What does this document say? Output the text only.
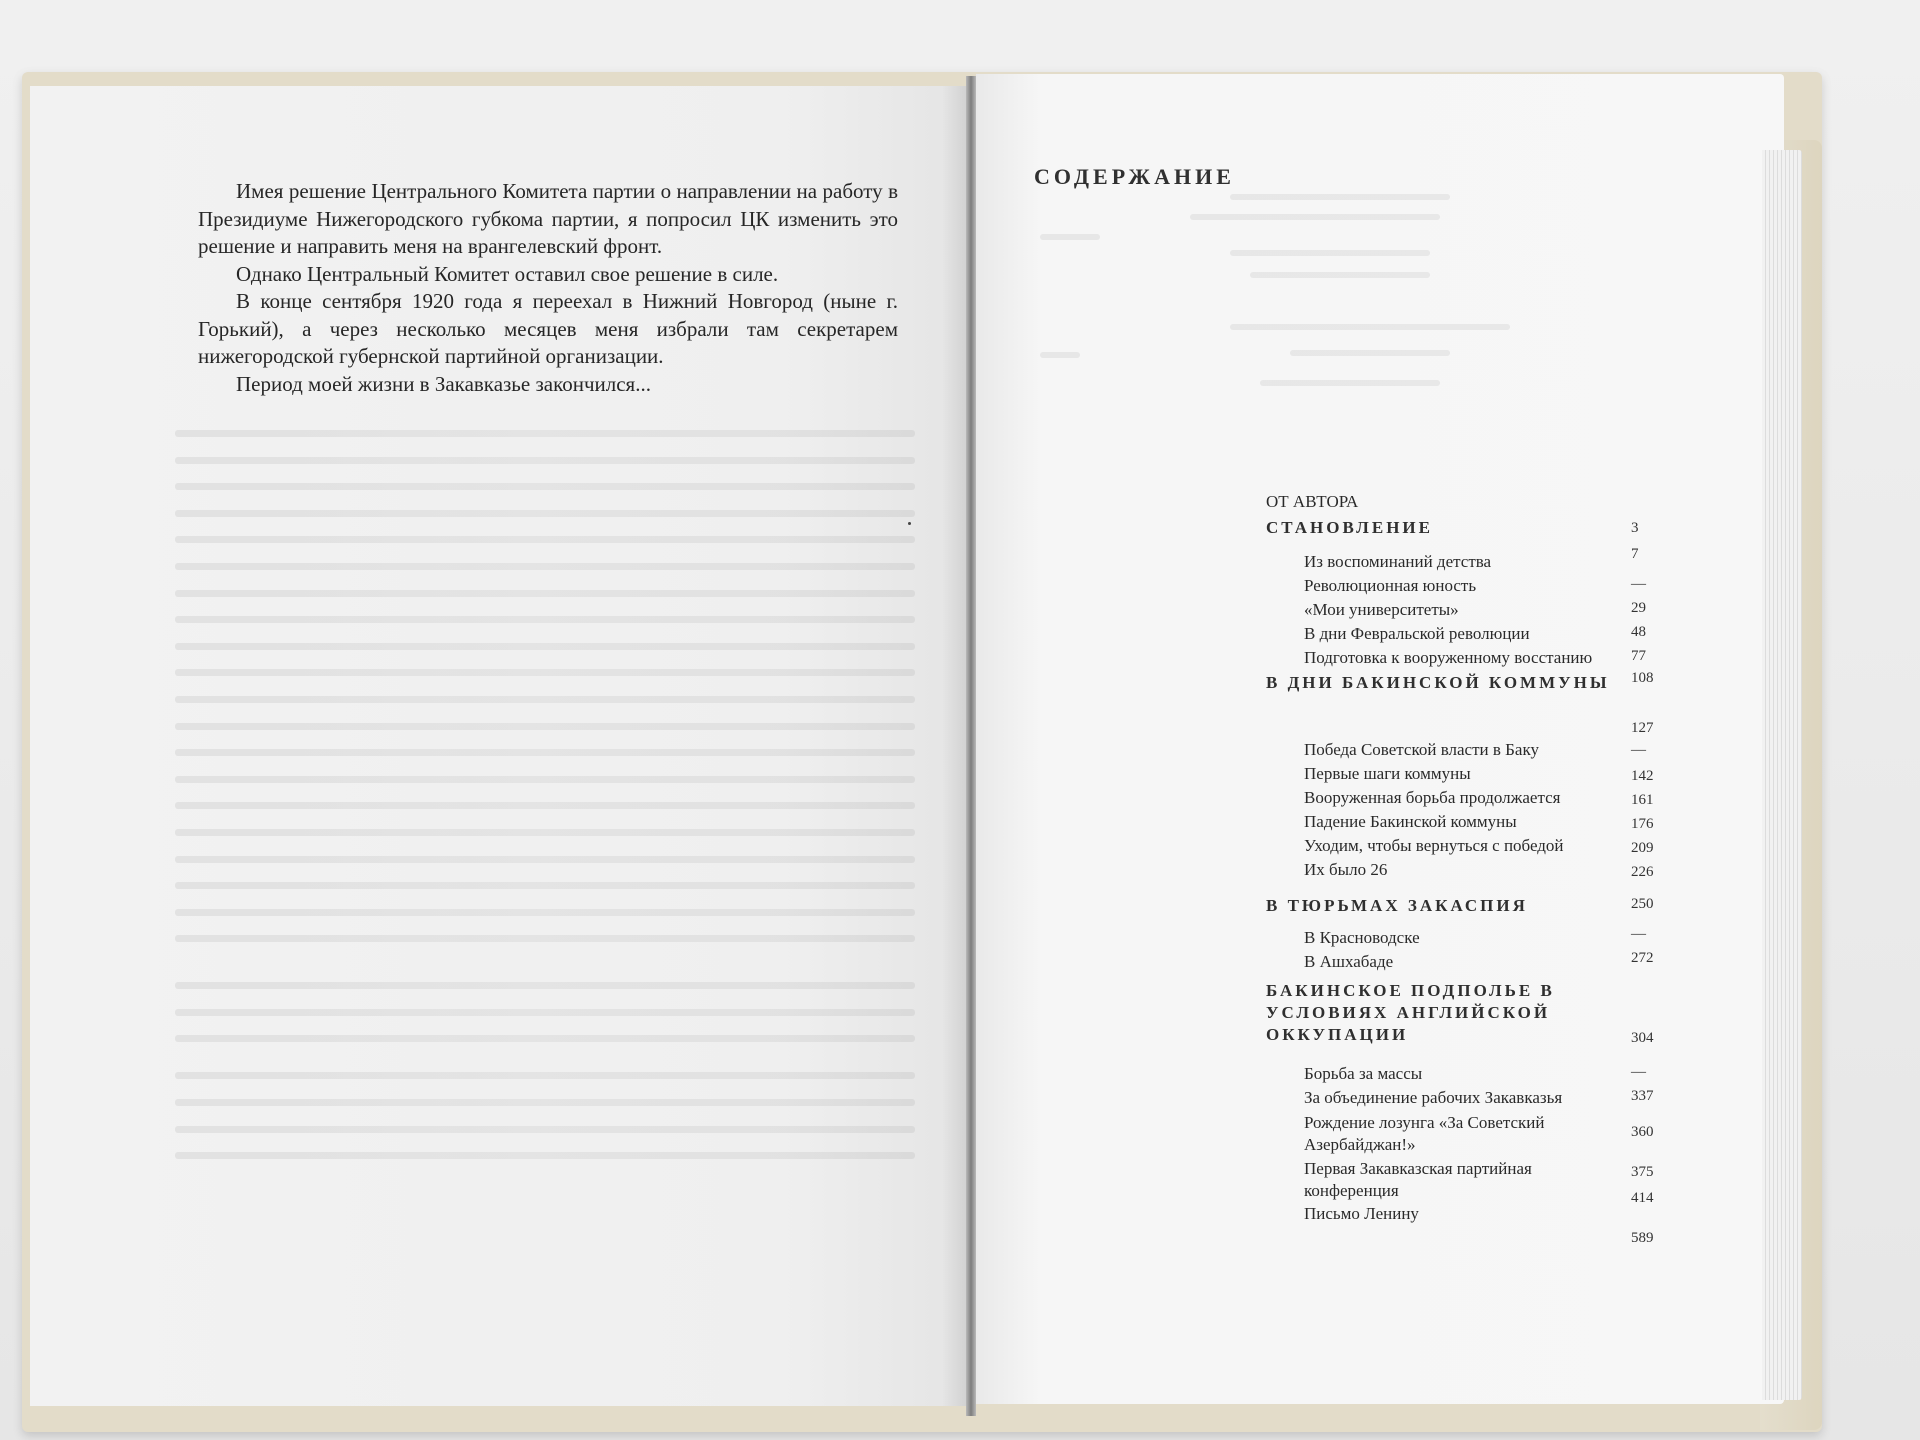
Имея решение Центрального Комитета партии о направлении на работу в Президиуме Нижегородского губкома партии, я попросил ЦК изменить это решение и направить меня на врангелевский фронт.

Однако Центральный Комитет оставил свое решение в силе.

В конце сентября 1920 года я переехал в Нижний Новгород (ныне г. Горький), а через несколько месяцев меня избрали там секретарем нижегородской губернской партийной организации.

Период моей жизни в Закавказье закончился...

СОДЕРЖАНИЕ
ОТ АВТОРА
СТАНОВЛЕНИЕ
Из воспоминаний детства
Революционная юность
«Мои университеты»
В дни Февральской революции
Подготовка к вооруженному восстанию
В ДНИ БАКИНСКОЙ КОММУНЫ
Победа Советской власти в Баку
Первые шаги коммуны
Вооруженная борьба продолжается
Падение Бакинской коммуны
Уходим, чтобы вернуться с победой
Их было 26
В ТЮРЬМАХ ЗАКАСПИЯ
В Красноводске
В Ашхабаде
БАКИНСКОЕ ПОДПОЛЬЕ В УСЛОВИЯХ АНГЛИЙСКОЙ ОККУПАЦИИ
Борьба за массы
За объединение рабочих Закавказья
Рождение лозунга «За Советский Азербайджан!»
Первая Закавказская партийная конференция
Письмо Ленину
3
7
—
29
48
77
108
127
—
142
161
176
209
226
250
—
272
304
—
337
360
375
414
589
